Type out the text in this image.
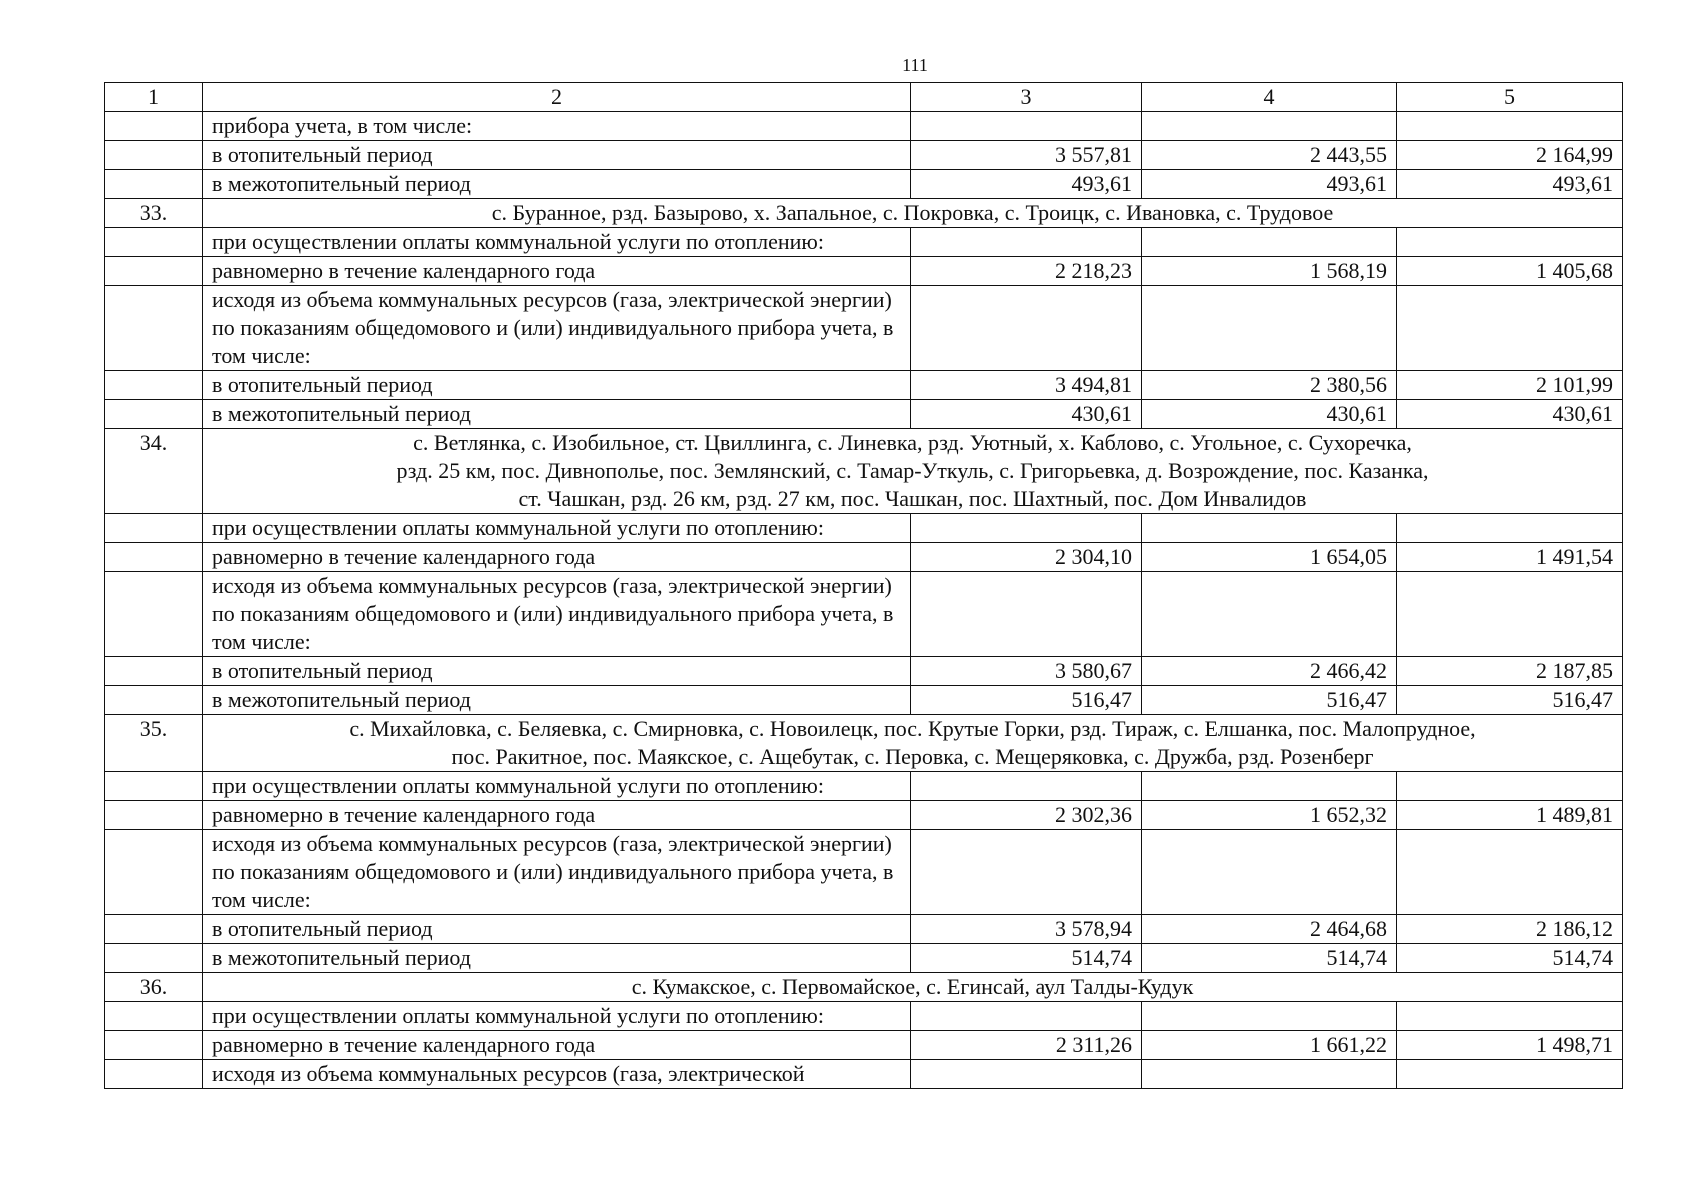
111
1	2	3	4	5
	прибора учета, в том числе:			
	в отопительный период	3 557,81	2 443,55	2 164,99
	в межотопительный период	493,61	493,61	493,61
33.	с. Буранное, рзд. Базырово, х. Запальное, с. Покровка, с. Троицк, с. Ивановка, с. Трудовое			

	при осуществлении оплаты коммунальной услуги по отоплению:			
	равномерно в течение календарного года	2 218,23	1 568,19	1 405,68
	исходя из объема коммунальных ресурсов (газа, электрической энергии) по показаниям общедомового и (или) индивидуального прибора учета, в том числе:			
	в отопительный период	3 494,81	2 380,56	2 101,99
	в межотопительный период	430,61	430,61	430,61
34.	с. Ветлянка, с. Изобильное, ст. Цвиллинга, с. Линевка, рзд. Уютный, х. Каблово, с. Угольное, с. Сухоречка,
рзд. 25 км, пос. Дивнополье, пос. Землянский, с. Тамар-Уткуль, с. Григорьевка, д. Возрождение, пос. Казанка,
ст. Чашкан, рзд. 26 км, рзд. 27 км, пос. Чашкан, пос. Шахтный, пос. Дом Инвалидов			

	при осуществлении оплаты коммунальной услуги по отоплению:			
	равномерно в течение календарного года	2 304,10	1 654,05	1 491,54
	исходя из объема коммунальных ресурсов (газа, электрической энергии) по показаниям общедомового и (или) индивидуального прибора учета, в том числе:			
	в отопительный период	3 580,67	2 466,42	2 187,85
	в межотопительный период	516,47	516,47	516,47
35.	с. Михайловка, с. Беляевка, с. Смирновка, с. Новоилецк, пос. Крутые Горки, рзд. Тираж, с. Елшанка, пос. Малопрудное,
пос. Ракитное, пос. Маякское, с. Ащебутак, с. Перовка, с. Мещеряковка, с. Дружба, рзд. Розенберг			

	при осуществлении оплаты коммунальной услуги по отоплению:			
	равномерно в течение календарного года	2 302,36	1 652,32	1 489,81
	исходя из объема коммунальных ресурсов (газа, электрической энергии) по показаниям общедомового и (или) индивидуального прибора учета, в том числе:			
	в отопительный период	3 578,94	2 464,68	2 186,12
	в межотопительный период	514,74	514,74	514,74
36.	с. Кумакское, с. Первомайское, с. Егинсай, аул Талды-Кудук			

	при осуществлении оплаты коммунальной услуги по отоплению:			
	равномерно в течение календарного года	2 311,26	1 661,22	1 498,71
	исходя из объема коммунальных ресурсов (газа, электрической			
